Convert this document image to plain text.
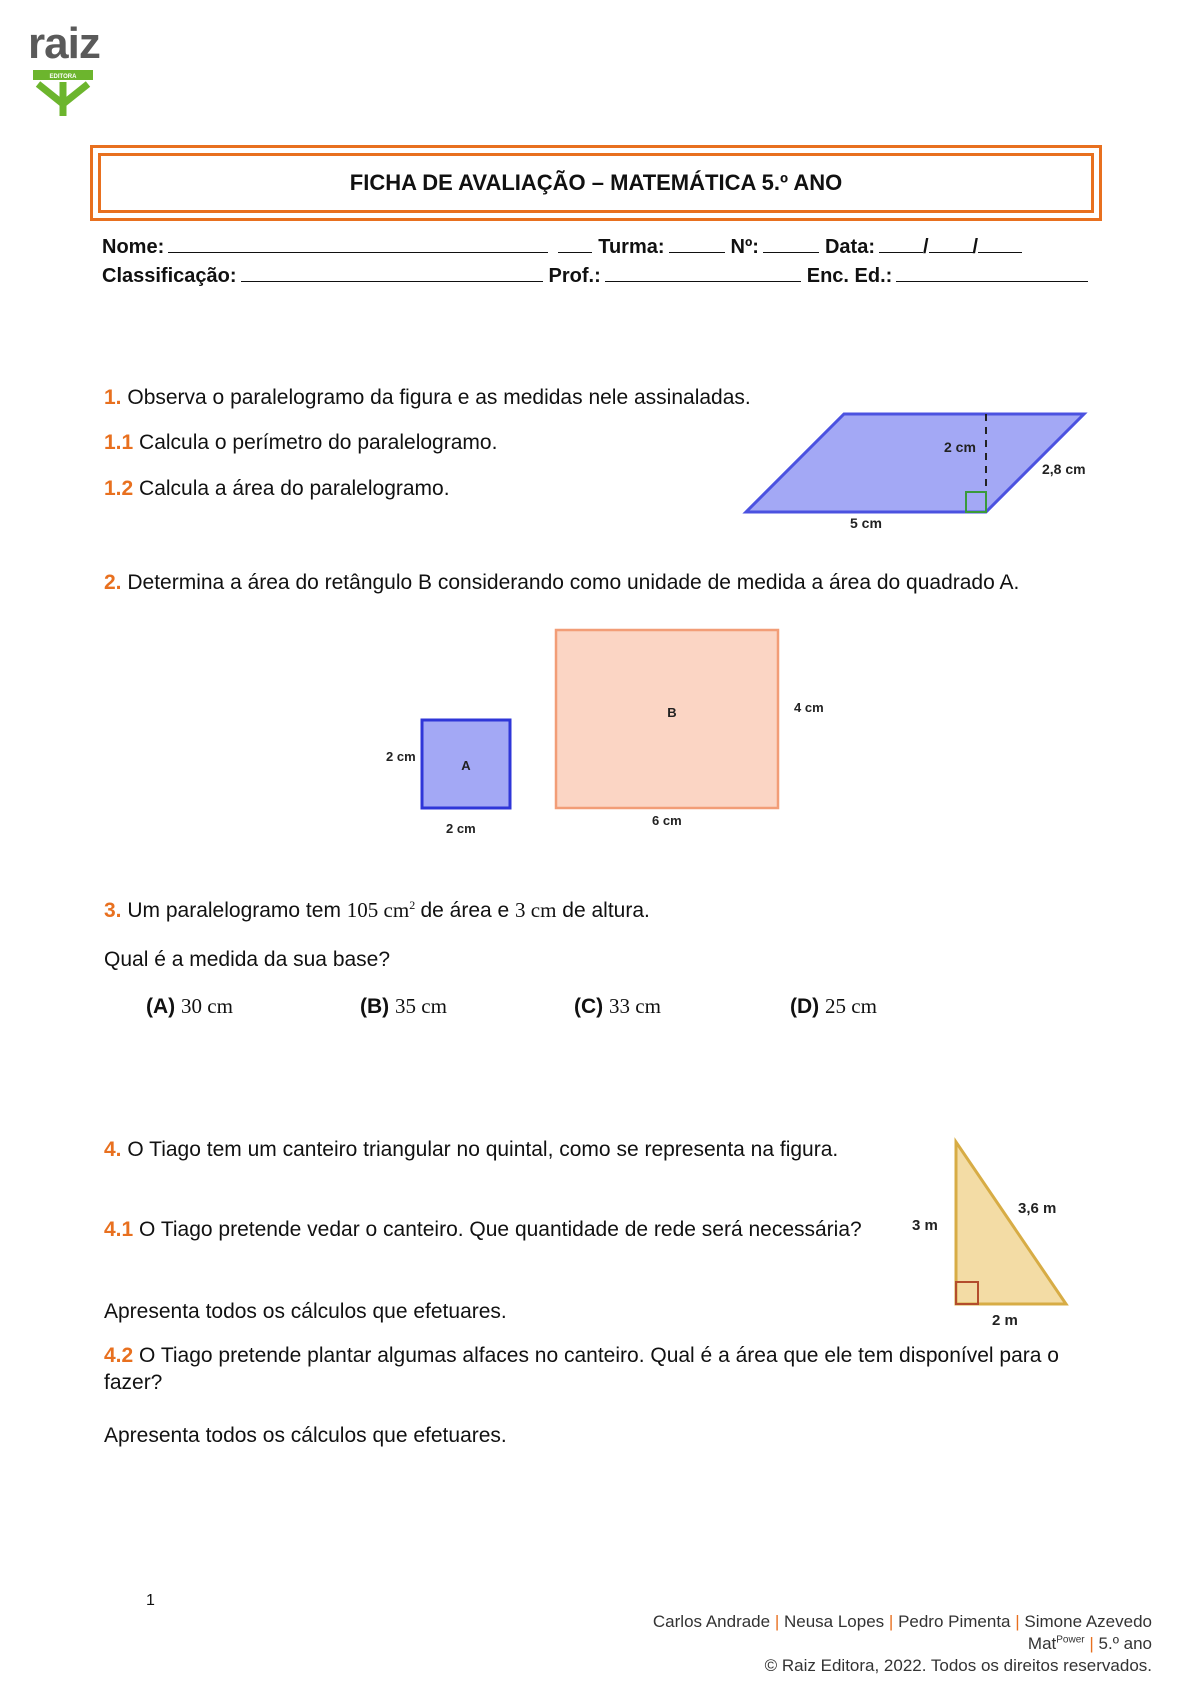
raiz
EDITORA
FICHA DE AVALIAÇÃO – MATEMÁTICA 5.º ANO
Nome:	Turma:	Nº:	Data: / /
Classificação:	Prof.:	Enc. Ed.:
1. Observa o paralelogramo da figura e as medidas nele assinaladas.
1.1 Calcula o perímetro do paralelogramo.
1.2 Calcula a área do paralelogramo.
2 cm
2,8 cm
5 cm
2. Determina a área do retângulo B considerando como unidade de medida a área do quadrado A.
A
2 cm
2 cm
B	4 cm
6 cm
3. Um paralelogramo tem 105 $cm^2$ de área e 3 cm de altura.
Qual é a medida da sua base?
(A) 30 cm	(B) 35 cm	(C) 33 cm	(D) 25 cm
4. O Tiago tem um canteiro triangular no quintal, como se representa na figura.
4.1 O Tiago pretende vedar o canteiro. Que quantidade de rede será necessária?
Apresenta todos os cálculos que efetuares.
4.2 O Tiago pretende plantar algumas alfaces no canteiro. Qual é a área que ele tem disponível para o fazer?
Apresenta todos os cálculos que efetuares.
3 m
3,6 m
2 m
1
Carlos Andrade | Neusa Lopes | Pedro Pimenta | Simone Azevedo
Mat$^{Power}$ | 5.º ano
© Raiz Editora, 2022. Todos os direitos reservados.
